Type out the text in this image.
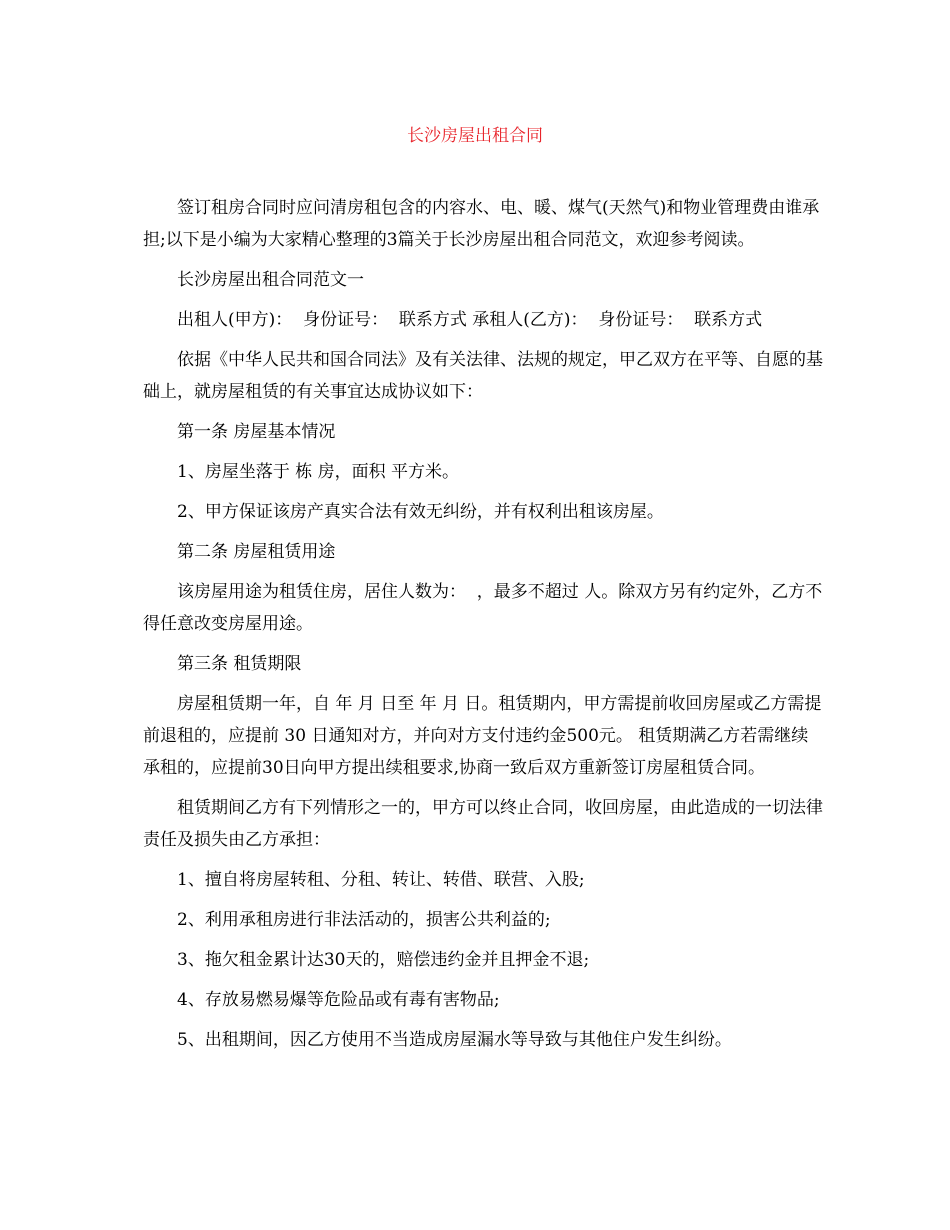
长沙房屋出租合同

签订租房合同时应问清房租包含的内容水、电、暖、煤气(天然气)和物业管理费由谁承担;以下是小编为大家精心整理的3篇关于长沙房屋出租合同范文，欢迎参考阅读。

长沙房屋出租合同范文一

出租人(甲方)：  身份证号：  联系方式 承租人(乙方)：  身份证号：  联系方式

依据《中华人民共和国合同法》及有关法律、法规的规定，甲乙双方在平等、自愿的基础上，就房屋租赁的有关事宜达成协议如下：

第一条 房屋基本情况

1、房屋坐落于 栋 房，面积 平方米。

2、甲方保证该房产真实合法有效无纠纷，并有权利出租该房屋。

第二条 房屋租赁用途

该房屋用途为租赁住房，居住人数为：  ，最多不超过 人。除双方另有约定外，乙方不得任意改变房屋用途。

第三条 租赁期限

房屋租赁期一年，自 年 月 日至 年 月 日。租赁期内，甲方需提前收回房屋或乙方需提前退租的，应提前 30 日通知对方，并向对方支付违约金500元。 租赁期满乙方若需继续承租的，应提前30日向甲方提出续租要求,协商一致后双方重新签订房屋租赁合同。

租赁期间乙方有下列情形之一的，甲方可以终止合同，收回房屋，由此造成的一切法律责任及损失由乙方承担：

1、擅自将房屋转租、分租、转让、转借、联营、入股;

2、利用承租房进行非法活动的，损害公共利益的;

3、拖欠租金累计达30天的，赔偿违约金并且押金不退;

4、存放易燃易爆等危险品或有毒有害物品;

5、出租期间，因乙方使用不当造成房屋漏水等导致与其他住户发生纠纷。
